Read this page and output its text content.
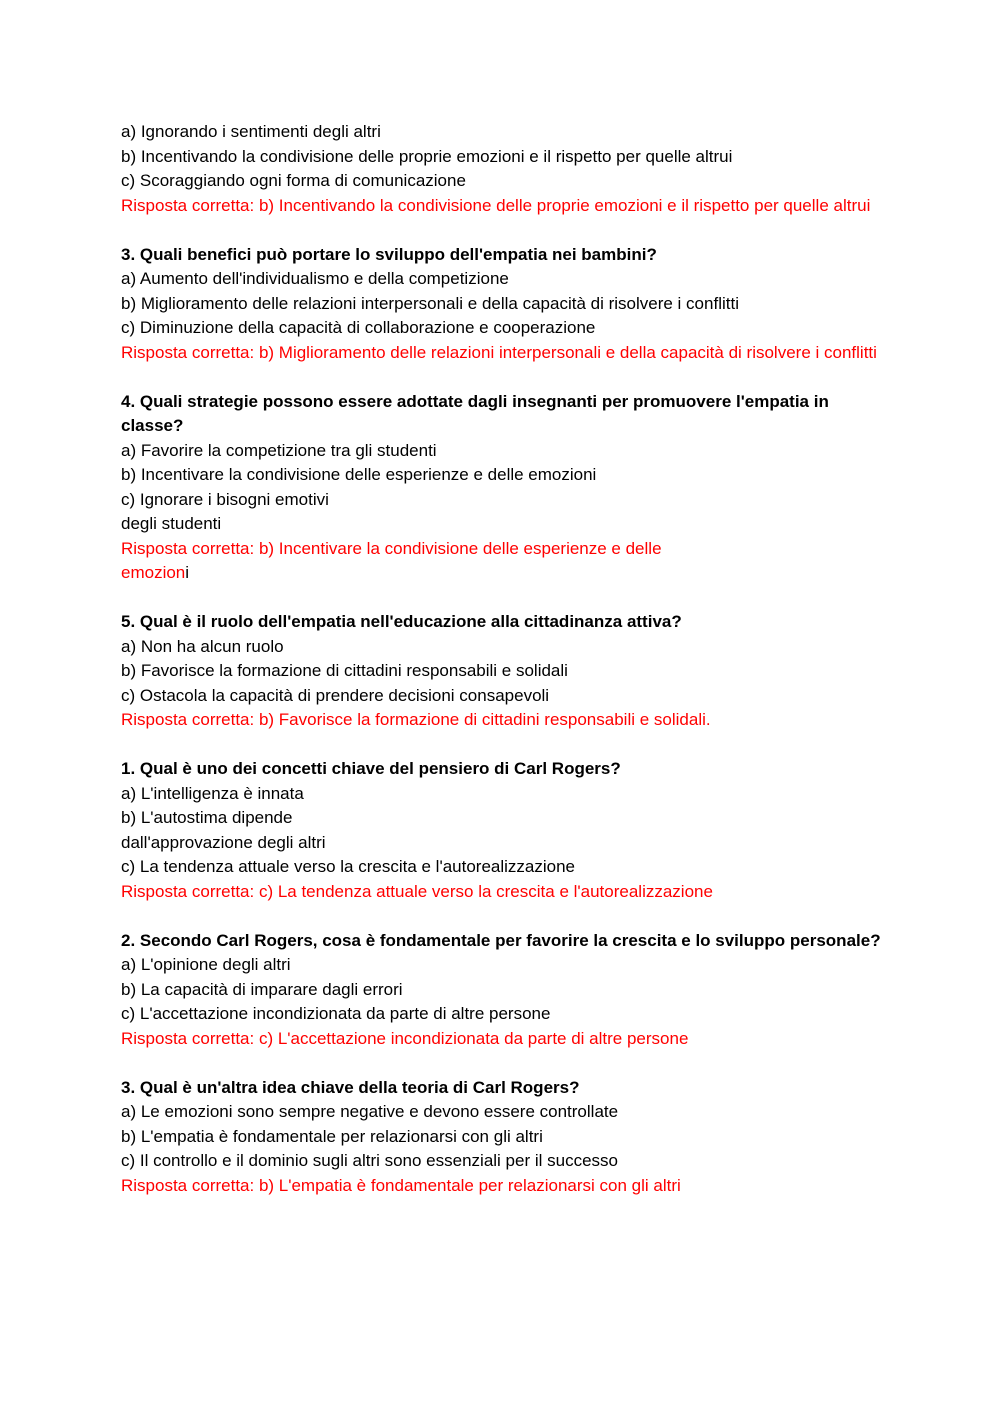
a) Ignorando i sentimenti degli altri

b) Incentivando la condivisione delle proprie emozioni e il rispetto per quelle altrui

c) Scoraggiando ogni forma di comunicazione

Risposta corretta: b) Incentivando la condivisione delle proprie emozioni e il rispetto per quelle altrui

3. Quali benefici può portare lo sviluppo dell'empatia nei bambini?

a) Aumento dell'individualismo e della competizione

b) Miglioramento delle relazioni interpersonali e della capacità di risolvere i conflitti

c) Diminuzione della capacità di collaborazione e cooperazione

Risposta corretta: b) Miglioramento delle relazioni interpersonali e della capacità di risolvere i conflitti

4. Quali strategie possono essere adottate dagli insegnanti per promuovere l'empatia in classe?

a) Favorire la competizione tra gli studenti

b) Incentivare la condivisione delle esperienze e delle emozioni

c) Ignorare i bisogni emotivi

degli studenti

Risposta corretta: b) Incentivare la condivisione delle esperienze e delle

emozioni

5. Qual è il ruolo dell'empatia nell'educazione alla cittadinanza attiva?

a) Non ha alcun ruolo

b) Favorisce la formazione di cittadini responsabili e solidali

c) Ostacola la capacità di prendere decisioni consapevoli

Risposta corretta: b) Favorisce la formazione di cittadini responsabili e solidali.

1. Qual è uno dei concetti chiave del pensiero di Carl Rogers?

a) L'intelligenza è innata

b) L'autostima dipende

dall'approvazione degli altri

c) La tendenza attuale verso la crescita e l'autorealizzazione

Risposta corretta: c) La tendenza attuale verso la crescita e l'autorealizzazione

2. Secondo Carl Rogers, cosa è fondamentale per favorire la crescita e lo sviluppo personale?

a) L'opinione degli altri

b) La capacità di imparare dagli errori

c) L'accettazione incondizionata da parte di altre persone

Risposta corretta: c) L'accettazione incondizionata da parte di altre persone

3. Qual è un'altra idea chiave della teoria di Carl Rogers?

a) Le emozioni sono sempre negative e devono essere controllate

b) L'empatia è fondamentale per relazionarsi con gli altri

c) Il controllo e il dominio sugli altri sono essenziali per il successo

Risposta corretta: b) L'empatia è fondamentale per relazionarsi con gli altri
